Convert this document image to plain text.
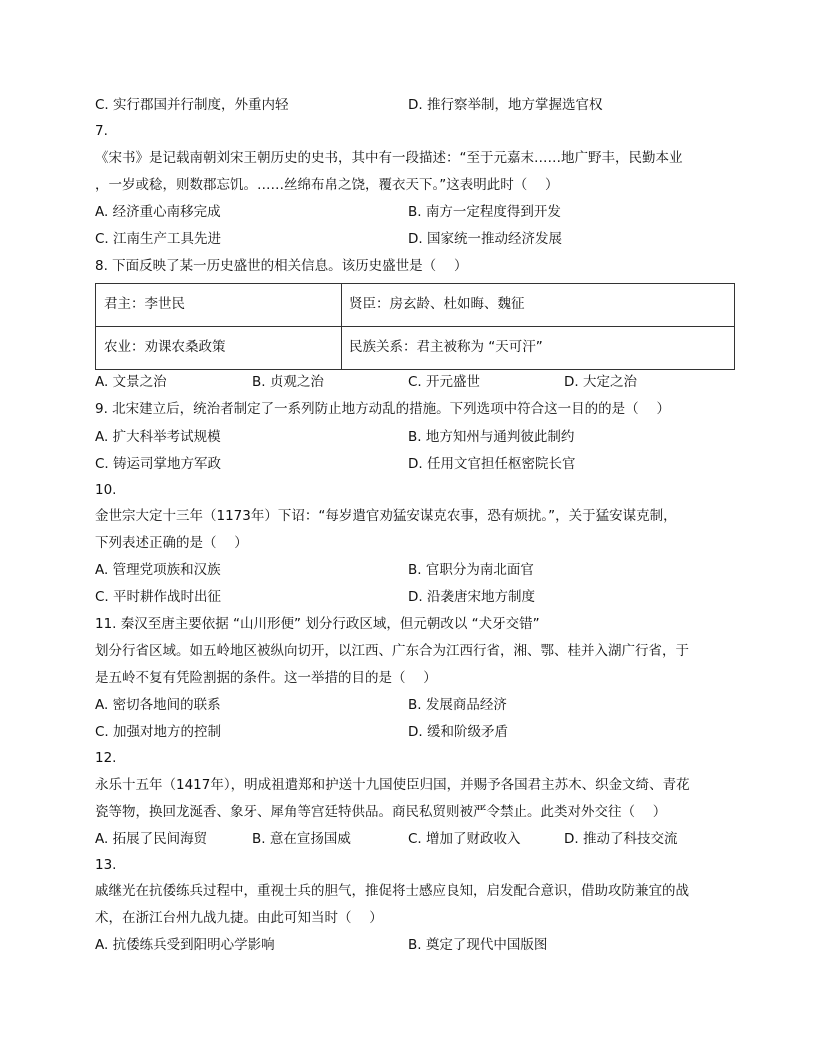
C. 实行郡国并行制度，外重内轻	D. 推行察举制，地方掌握选官权
7.
《宋书》是记载南朝刘宋王朝历史的史书，其中有一段描述：“至于元嘉末……地广野丰，民勤本业
，一岁或稔，则数郡忘饥。……丝绵布帛之饶，覆衣天下。”这表明此时（　 ）
A. 经济重心南移完成	B. 南方一定程度得到开发
C. 江南生产工具先进	D. 国家统一推动经济发展
8. 下面反映了某一历史盛世的相关信息。该历史盛世是（　 ）
君主：李世民	贤臣：房玄龄、杜如晦、魏征
农业：劝课农桑政策	民族关系：君主被称为 “天可汗”
A. 文景之治	B. 贞观之治	C. 开元盛世	D. 大定之治
9. 北宋建立后，统治者制定了一系列防止地方动乱的措施。下列选项中符合这一目的的是（　 ）
A. 扩大科举考试规模	B. 地方知州与通判彼此制约
C. 铸运司掌地方军政	D. 任用文官担任枢密院长官
10.
金世宗大定十三年（1173年）下诏：“每岁遣官劝猛安谋克农事，恐有烦扰。”，关于猛安谋克制，
下列表述正确的是（　 ）
A. 管理党项族和汉族	B. 官职分为南北面官
C. 平时耕作战时出征	D. 沿袭唐宋地方制度
11. 秦汉至唐主要依据 “山川形便” 划分行政区域，但元朝改以 “犬牙交错”
划分行省区域。如五岭地区被纵向切开，以江西、广东合为江西行省，湘、鄂、桂并入湖广行省，于
是五岭不复有凭险割据的条件。这一举措的目的是（　 ）
A. 密切各地间的联系	B. 发展商品经济
C. 加强对地方的控制	D. 缓和阶级矛盾
12.
永乐十五年（1417年），明成祖遣郑和护送十九国使臣归国，并赐予各国君主苏木、织金文绮、青花
瓷等物，换回龙涎香、象牙、犀角等宫廷特供品。商民私贸则被严令禁止。此类对外交往（　 ）
A. 拓展了民间海贸	B. 意在宣扬国威	C. 增加了财政收入	D. 推动了科技交流
13.
戚继光在抗倭练兵过程中，重视士兵的胆气，推促将士感应良知，启发配合意识，借助攻防兼宜的战
术，在浙江台州九战九捷。由此可知当时（　 ）
A. 抗倭练兵受到阳明心学影响	B. 奠定了现代中国版图
